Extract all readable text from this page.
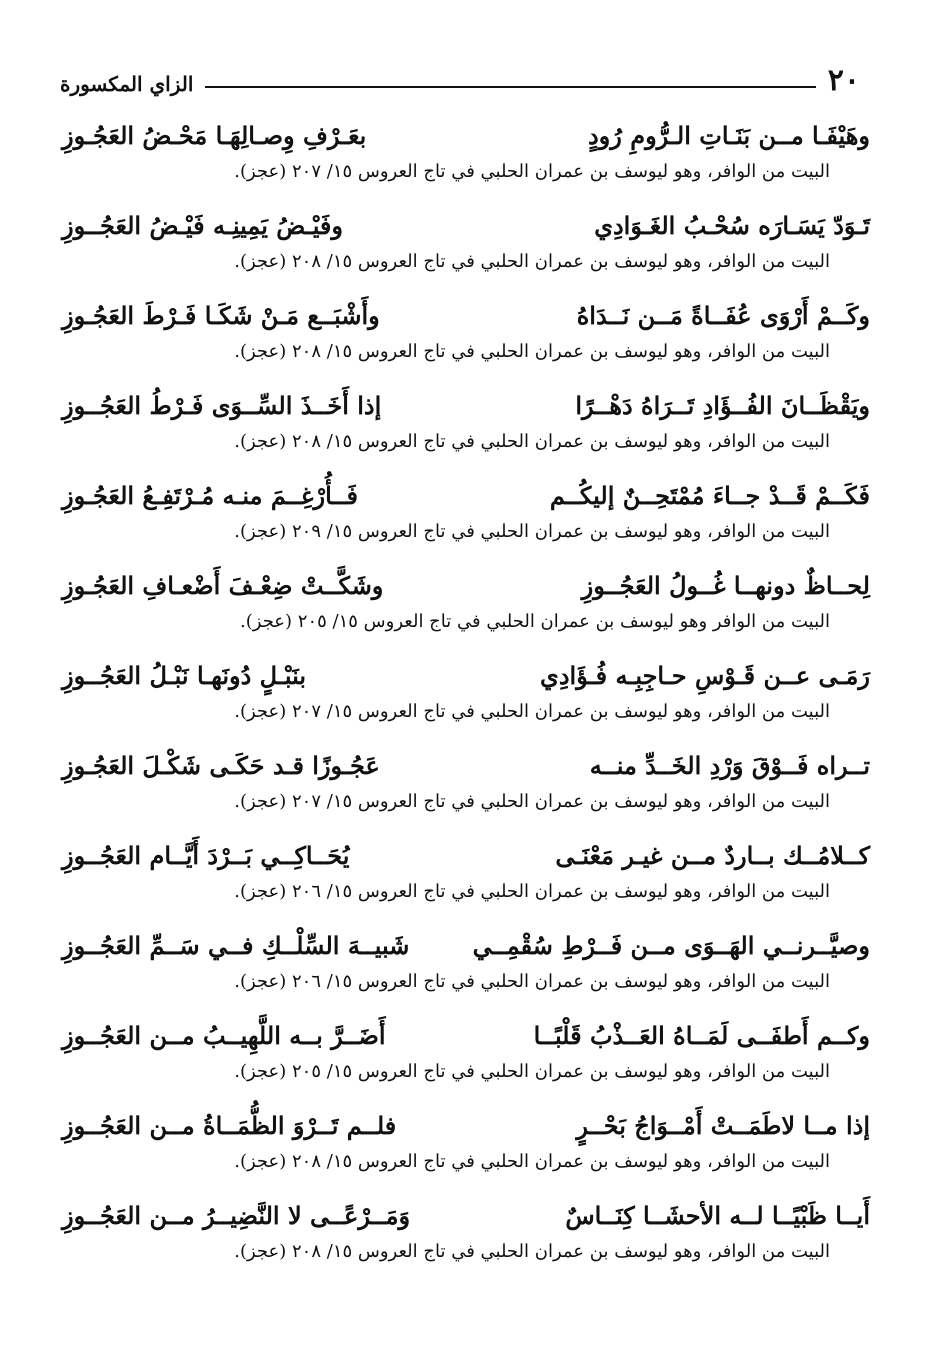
٢٠
الزاي المكسورة
وهَيْفَـا مــن بَنَـاتِ الـرُّومِ رُودٍ
بعَـرْفِ وِصـالِهَـا مَحْـضُ العَجُـوزِ
البيت من الوافر، وهو ليوسف بن عمران الحلبي في تاج العروس ١٥/ ٢٠٧ (عجز).
تَـوَدّ يَسَـارَه سُحْـبُ الغَـوَادِي
وفَيْـضُ يَمِينِـه فَيْـضُ العَجُــوزِ
البيت من الوافر، وهو ليوسف بن عمران الحلبي في تاج العروس ١٥/ ٢٠٨ (عجز).
وكَــمْ أَرْوَى عُفَــاةً مَــن نَــدَاهُ
وأَشْبَــع مَـنْ شَكَـا فَـرْطَ العَجُـوزِ
البيت من الوافر، وهو ليوسف بن عمران الحلبي في تاج العروس ١٥/ ٢٠٨ (عجز).
ويَقْظَــانَ الفُــؤَادِ تَــرَاهُ دَهْــرًا
إذا أَخَــذَ السِّــوَى فَـرْطُ العَجُــوزِ
البيت من الوافر، وهو ليوسف بن عمران الحلبي في تاج العروس ١٥/ ٢٠٨ (عجز).
فَكَــمْ قَــدْ جــاءَ مُمْتَحِــنٌ إليكُــم
فَــأُرْغِــمَ منـه مُـرْتَفِـعُ العَجُـوزِ
البيت من الوافر، وهو ليوسف بن عمران الحلبي في تاج العروس ١٥/ ٢٠٩ (عجز).
لِحــاظٌ دونهــا غُــولُ العَجُــوزِ
وشَكَّــتْ ضِعْـفَ أَضْعـافِ العَجُـوزِ
البيت من الوافر وهو ليوسف بن عمران الحلبي في تاج العروس ١٥/ ٢٠٥ (عجز).
رَمَـى عــن قَـوْسِ حـاجِبِـه فُـؤَادِي
بنَبْـلٍ دُونَهـا نَبْـلُ العَجُــوزِ
البيت من الوافر، وهو ليوسف بن عمران الحلبي في تاج العروس ١٥/ ٢٠٧ (عجز).
تــراه فَــوْقَ وَرْدِ الخَــدِّ منــه
عَجُـوزًا قـد حَكَـى شَكْـلَ العَجُـوزِ
البيت من الوافر، وهو ليوسف بن عمران الحلبي في تاج العروس ١٥/ ٢٠٧ (عجز).
كــلامُــك بــاردٌ مــن غيـر مَعْنَـى
يُحَــاكِــي بَــرْدَ أَيَّــام العَجُــوزِ
البيت من الوافر، وهو ليوسف بن عمران الحلبي في تاج العروس ١٥/ ٢٠٦ (عجز).
وصيَّــرنــي الهَــوَى مــن فَــرْطِ سُقْمِــي
شَبيــهَ السِّلْــكِ فــي سَــمِّ العَجُــوزِ
البيت من الوافر، وهو ليوسف بن عمران الحلبي في تاج العروس ١٥/ ٢٠٦ (عجز).
وكــم أَطفَــى لَمَــاهُ العَــذْبُ قَلْبًــا
أَضَــرَّ بــه اللَّهِيــبُ مــن العَجُــوزِ
البيت من الوافر، وهو ليوسف بن عمران الحلبي في تاج العروس ١٥/ ٢٠٥ (عجز).
إذا مــا لاطَمَــتْ أَمْــوَاجُ بَحْــرٍ
فلــم تَــرْوَ الظُّمَــاةُ مــن العَجُــوزِ
البيت من الوافر، وهو ليوسف بن عمران الحلبي في تاج العروس ١٥/ ٢٠٨ (عجز).
أَيــا ظَبْيًــا لــه الأحشَــا كِنَــاسٌ
وَمَــرْعًــى لا النَّضِيــرُ مــن العَجُــوزِ
البيت من الوافر، وهو ليوسف بن عمران الحلبي في تاج العروس ١٥/ ٢٠٨ (عجز).
